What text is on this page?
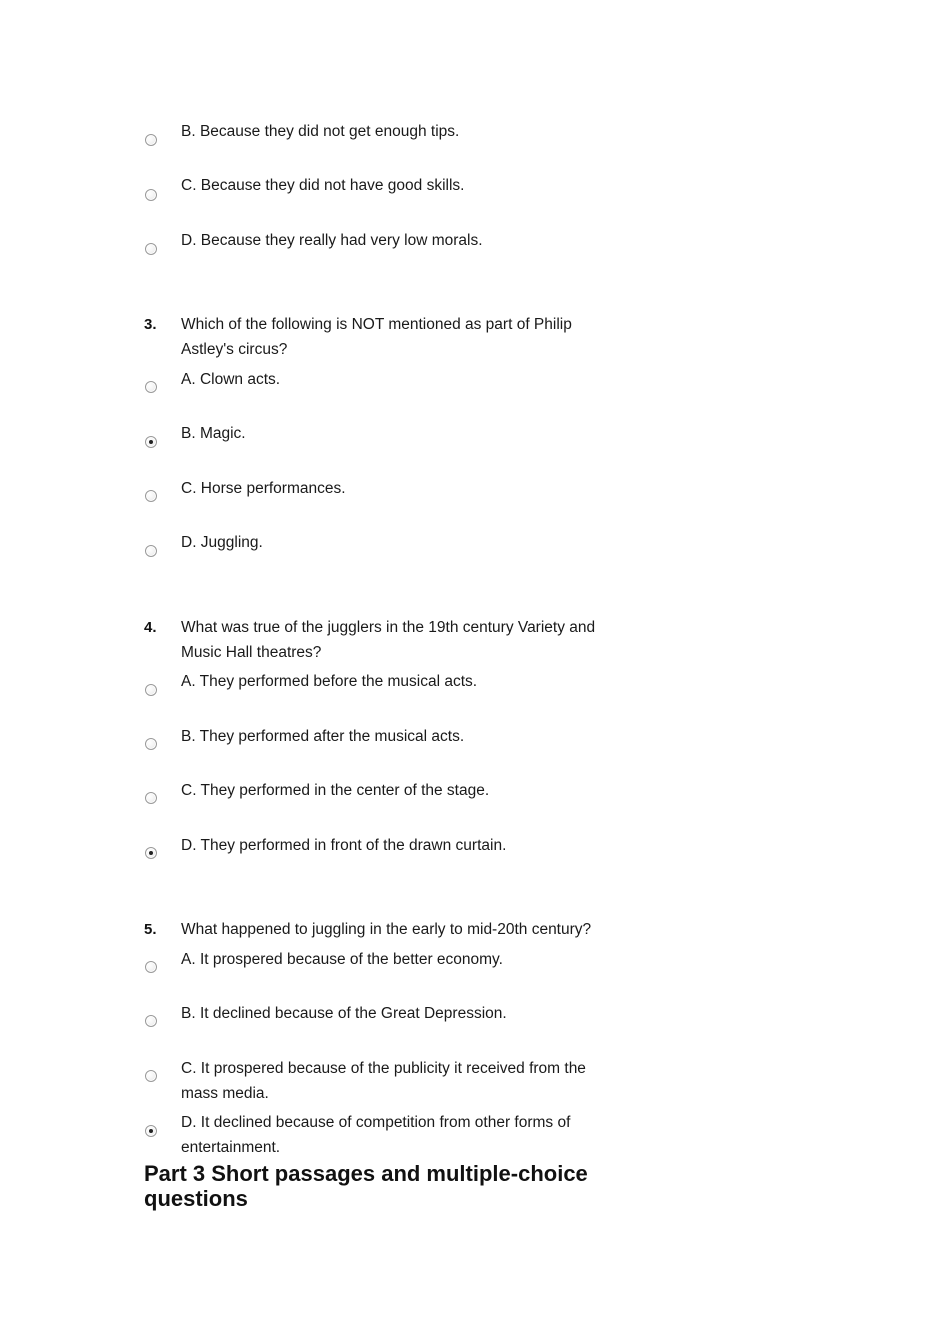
B. Because they did not get enough tips.
C. Because they did not have good skills.
D. Because they really had very low morals.
3. Which of the following is NOT mentioned as part of Philip
Astley's circus?
A. Clown acts.
B. Magic.
C. Horse performances.
D. Juggling.
4. What was true of the jugglers in the 19th century Variety and
Music Hall theatres?
A. They performed before the musical acts.
B. They performed after the musical acts.
C. They performed in the center of the stage.
D. They performed in front of the drawn curtain.
5. What happened to juggling in the early to mid-20th century?
A. It prospered because of the better economy.
B. It declined because of the Great Depression.
C. It prospered because of the publicity it received from the
mass media.
D. It declined because of competition from other forms of
entertainment.
Part 3 Short passages and multiple-choice
questions
